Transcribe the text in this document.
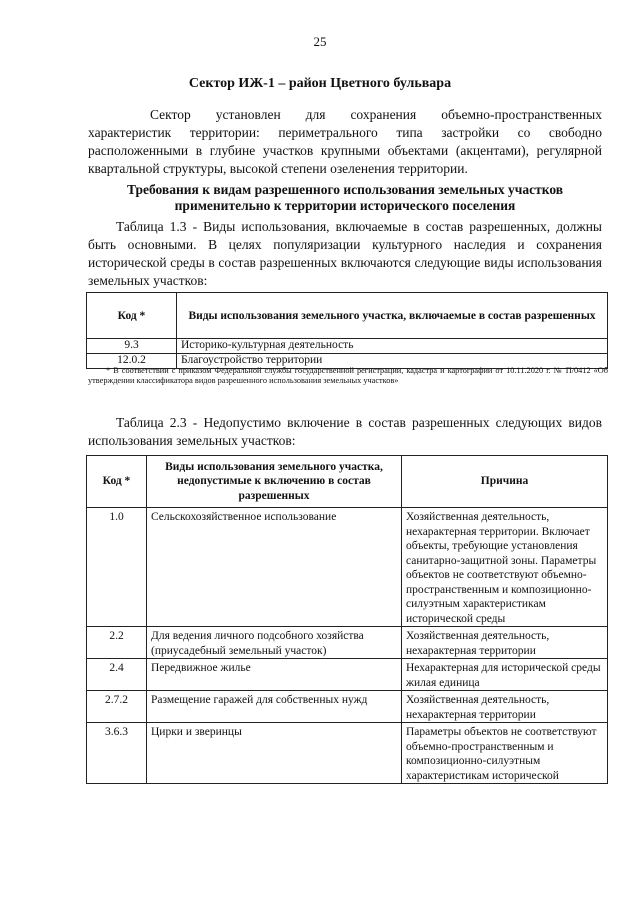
25
Сектор ИЖ-1 – район Цветного бульвара

Сектор установлен для сохранения объемно-пространственных характеристик территории: периметрального типа застройки со свободно расположенными в глубине участков крупными объектами (акцентами), регулярной квартальной структуры, высокой степени озеленения территории.

Требования к видам разрешенного использования земельных участков применительно к территории исторического поселения

Таблица 1.3 - Виды использования, включаемые в состав разрешенных, должны быть основными. В целях популяризации культурного наследия и сохранения исторической среды в состав разрешенных включаются следующие виды использования земельных участков:

Код *	Виды использования земельного участка, включаемые в состав разрешенных
9.3	Историко-культурная деятельность
12.0.2	Благоустройство территории

* В соответствии с приказом Федеральной службы государственной регистрации, кадастра и картографии от 10.11.2020 г. № П/0412 «Об утверждении классификатора видов разрешенного использования земельных участков»

Таблица 2.3 - Недопустимо включение в состав разрешенных следующих видов использования земельных участков:

Код *	Виды использования земельного участка, недопустимые к включению в состав разрешенных	Причина
1.0	Сельскохозяйственное использование	Хозяйственная деятельность, нехарактерная территории. Включает объекты, требующие установления санитарно-защитной зоны. Параметры объектов не соответствуют объемно-пространственным и композиционно-силуэтным характеристикам исторической среды
2.2	Для ведения личного подсобного хозяйства (приусадебный земельный участок)	Хозяйственная деятельность, нехарактерная территории
2.4	Передвижное жилье	Нехарактерная для исторической среды жилая единица
2.7.2	Размещение гаражей для собственных нужд	Хозяйственная деятельность, нехарактерная территории
3.6.3	Цирки и зверинцы	Параметры объектов не соответствуют объемно-пространственным и композиционно-силуэтным характеристикам исторической
